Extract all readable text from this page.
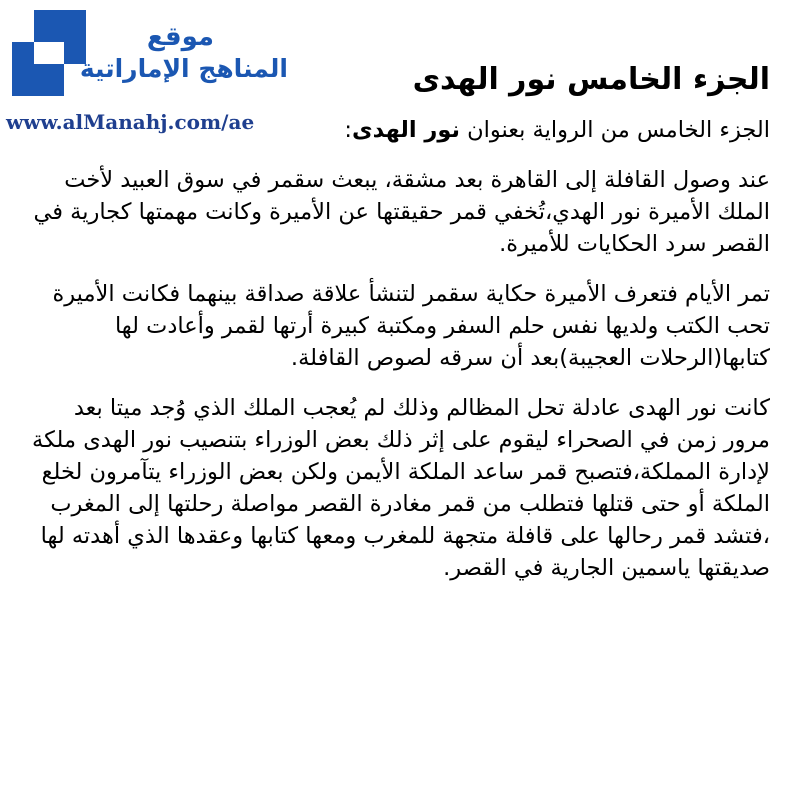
موقع
المناهج الإماراتية
www.alManahj.com/ae
الجزء الخامس نور الهدى

الجزء الخامس من الرواية بعنوان نور الهدى:

عند وصول القافلة إلى القاهرة بعد مشقة، يبعث سقمر في سوق العبيد لأخت الملك الأميرة نور الهدي،تُخفي قمر حقيقتها عن الأميرة وكانت مهمتها كجارية في القصر سرد الحكايات للأميرة.

تمر الأيام فتعرف الأميرة حكاية سقمر لتنشأ علاقة صداقة بينهما فكانت الأميرة تحب الكتب ولديها نفس حلم السفر ومكتبة كبيرة أرتها لقمر وأعادت لها كتابها(الرحلات العجيبة)بعد أن سرقه لصوص القافلة.

كانت نور الهدى عادلة تحل المظالم وذلك لم يُعجب الملك الذي وُجد ميتا بعد مرور زمن في الصحراء ليقوم على إثر ذلك بعض الوزراء بتنصيب نور الهدى ملكة لإدارة المملكة،فتصبح قمر ساعد الملكة الأيمن ولكن بعض الوزراء يتآمرون لخلع الملكة أو حتى قتلها فتطلب من قمر مغادرة القصر مواصلة رحلتها إلى المغرب ،فتشد قمر رحالها على قافلة متجهة للمغرب ومعها كتابها وعقدها الذي أهدته لها صديقتها ياسمين الجارية في القصر.
